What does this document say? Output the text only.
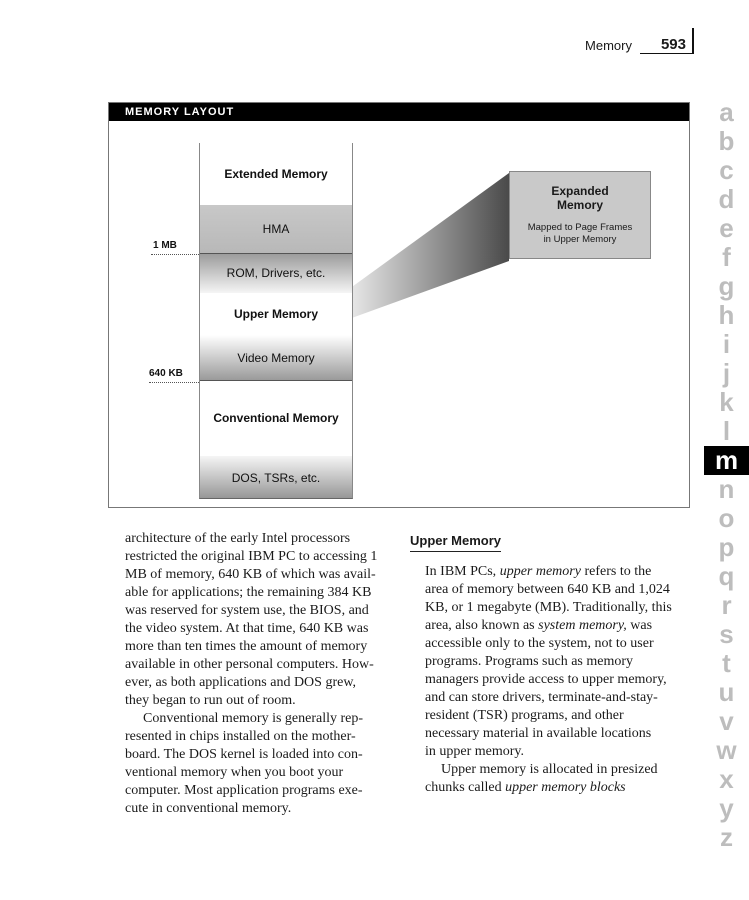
Memory 593
MEMORY LAYOUT
Extended Memory
HMA
ROM, Drivers, etc.
Upper Memory
Video Memory
Conventional Memory
DOS, TSRs, etc.
1 MB
640 KB
Expanded
Memory
Mapped to Page Frames
in Upper Memory
architecture of the early Intel processors
restricted the original IBM PC to accessing 1
MB of memory, 640 KB of which was avail-
able for applications; the remaining 384 KB
was reserved for system use, the BIOS, and
the video system. At that time, 640 KB was
more than ten times the amount of memory
available in other personal computers. How-
ever, as both applications and DOS grew,
they began to run out of room.
Conventional memory is generally rep-
resented in chips installed on the mother-
board. The DOS kernel is loaded into con-
ventional memory when you boot your
computer. Most application programs exe-
cute in conventional memory.
Upper Memory
In IBM PCs, upper memory refers to the
area of memory between 640 KB and 1,024
KB, or 1 megabyte (MB). Traditionally, this
area, also known as system memory, was
accessible only to the system, not to user
programs. Programs such as memory
managers provide access to upper memory,
and can store drivers, terminate-and-stay-
resident (TSR) programs, and other
necessary material in available locations
in upper memory.
Upper memory is allocated in presized
chunks called upper memory blocks
a
b
c
d
e
f
g
h
i
j
k
l
m
n
o
p
q
r
s
t
u
v
w
x
y
z
